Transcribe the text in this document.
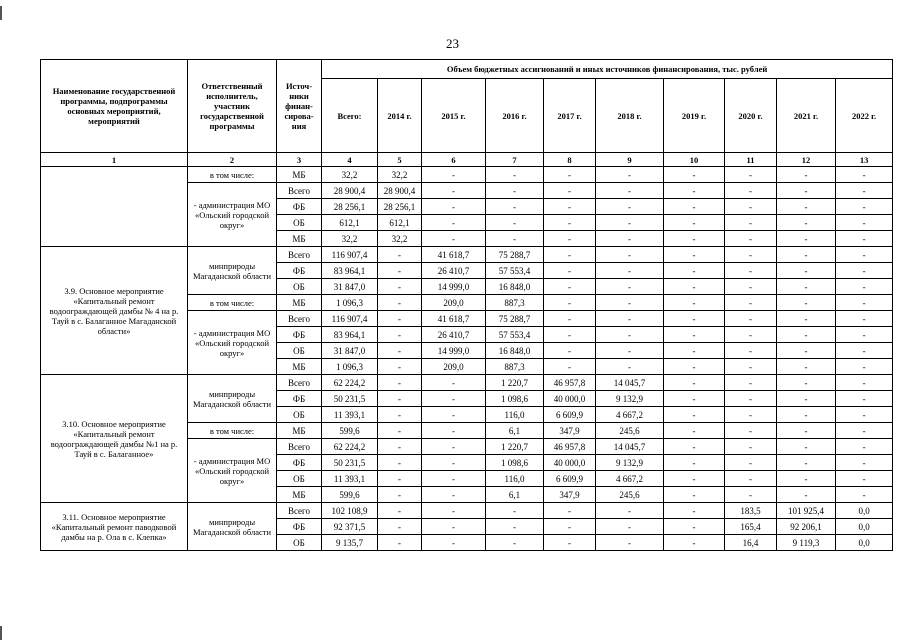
23
Наименование государственной программы, подпрограммы основных мероприятий, мероприятий	Ответственный исполнитель, участник государственной программы	Источ-ники финан-сирова-ния	Объем бюджетных ассигнований и иных источников финансирования, тыс. рублей									
			Всего:	2014 г.	2015 г.	2016 г.	2017 г.	2018 г.	2019 г.	2020 г.	2021 г.	2022 г.
1	2	3	4	5	6	7	8	9	10	11	12	13
	в том числе:	МБ	32,2	32,2	-	-	-	-	-	-	-	-
	- администрация МО «Ольский городской округ»	Всего	28 900,4	28 900,4	-	-	-	-	-	-	-	-
		ФБ	28 256,1	28 256,1	-	-	-	-	-	-	-	-
		ОБ	612,1	612,1	-	-	-	-	-	-	-	-
		МБ	32,2	32,2	-	-	-	-	-	-	-	-
3.9. Основное мероприятие «Капитальный ремонт водоограждающей дамбы № 4 на р. Тауй в с. Балаганное Магаданской области»	минприроды Магаданской области	Всего	116 907,4	-	41 618,7	75 288,7	-	-	-	-	-	-
		ФБ	83 964,1	-	26 410,7	57 553,4	-	-	-	-	-	-
		ОБ	31 847,0	-	14 999,0	16 848,0	-	-	-	-	-	-
	в том числе:	МБ	1 096,3	-	209,0	887,3	-	-	-	-	-	-
	- администрация МО «Ольский городской округ»	Всего	116 907,4	-	41 618,7	75 288,7	-	-	-	-	-	-
		ФБ	83 964,1	-	26 410,7	57 553,4	-	-	-	-	-	-
		ОБ	31 847,0	-	14 999,0	16 848,0	-	-	-	-	-	-
		МБ	1 096,3	-	209,0	887,3	-	-	-	-	-	-
3.10. Основное мероприятие «Капитальный ремонт водоограждающей дамбы №1 на р. Тауй в с. Балаганное»	минприроды Магаданской области	Всего	62 224,2	-	-	1 220,7	46 957,8	14 045,7	-	-	-	-
		ФБ	50 231,5	-	-	1 098,6	40 000,0	9 132,9	-	-	-	-
		ОБ	11 393,1	-	-	116,0	6 609,9	4 667,2	-	-	-	-
	в том числе:	МБ	599,6	-	-	6,1	347,9	245,6	-	-	-	-
	- администрация МО «Ольский городской округ»	Всего	62 224,2	-	-	1 220,7	46 957,8	14 045,7	-	-	-	-
		ФБ	50 231,5	-	-	1 098,6	40 000,0	9 132,9	-	-	-	-
		ОБ	11 393,1	-	-	116,0	6 609,9	4 667,2	-	-	-	-
		МБ	599,6	-	-	6,1	347,9	245,6	-	-	-	-
3.11. Основное мероприятие «Капитальный ремонт паводковой дамбы на р. Ола в с. Клепка»	минприроды Магаданской области	Всего	102 108,9	-	-	-	-	-	-	183,5	101 925,4	0,0
		ФБ	92 371,5	-	-	-	-	-	-	165,4	92 206,1	0,0
		ОБ	9 135,7	-	-	-	-	-	-	16,4	9 119,3	0,0
